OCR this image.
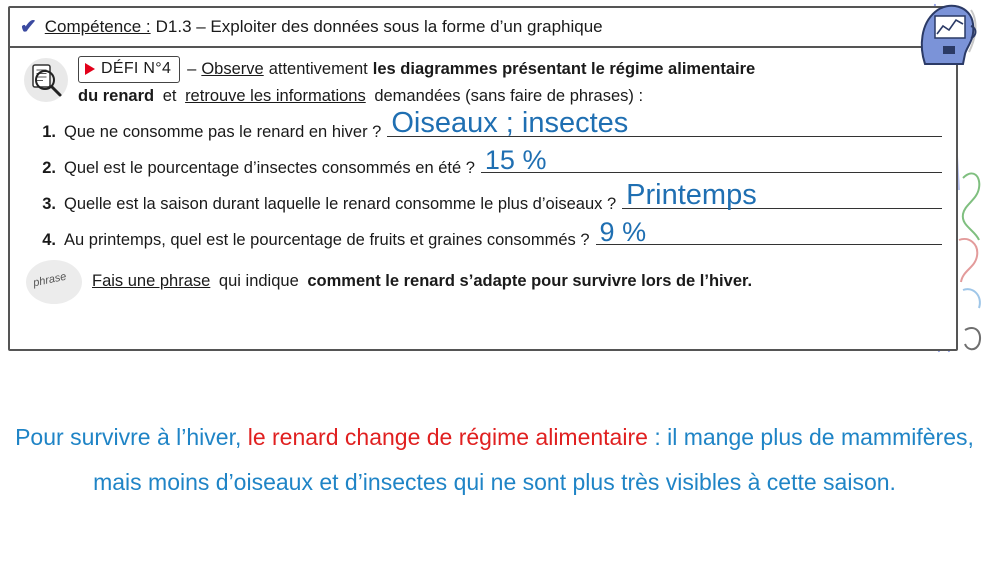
✔ Compétence : D1.3 – Exploiter des données sous la forme d’un graphique
DÉFI N°4 – Observe attentivement les diagrammes présentant le régime alimentaire
du renard et retrouve les informations demandées (sans faire de phrases) :
1. Que ne consomme pas le renard en hiver ? Oiseaux ; insectes
2. Quel est le pourcentage d’insectes consommés en été ? 15 %
3. Quelle est la saison durant laquelle le renard consomme le plus d’oiseaux ? Printemps
4. Au printemps, quel est le pourcentage de fruits et graines consommés ? 9 %
phrase Fais une phrase qui indique comment le renard s’adapte pour survivre lors de l’hiver.
Pour survivre à l’hiver, le renard change de régime alimentaire : il mange plus de mammifères, mais moins d’oiseaux et d’insectes qui ne sont plus très visibles à cette saison.
